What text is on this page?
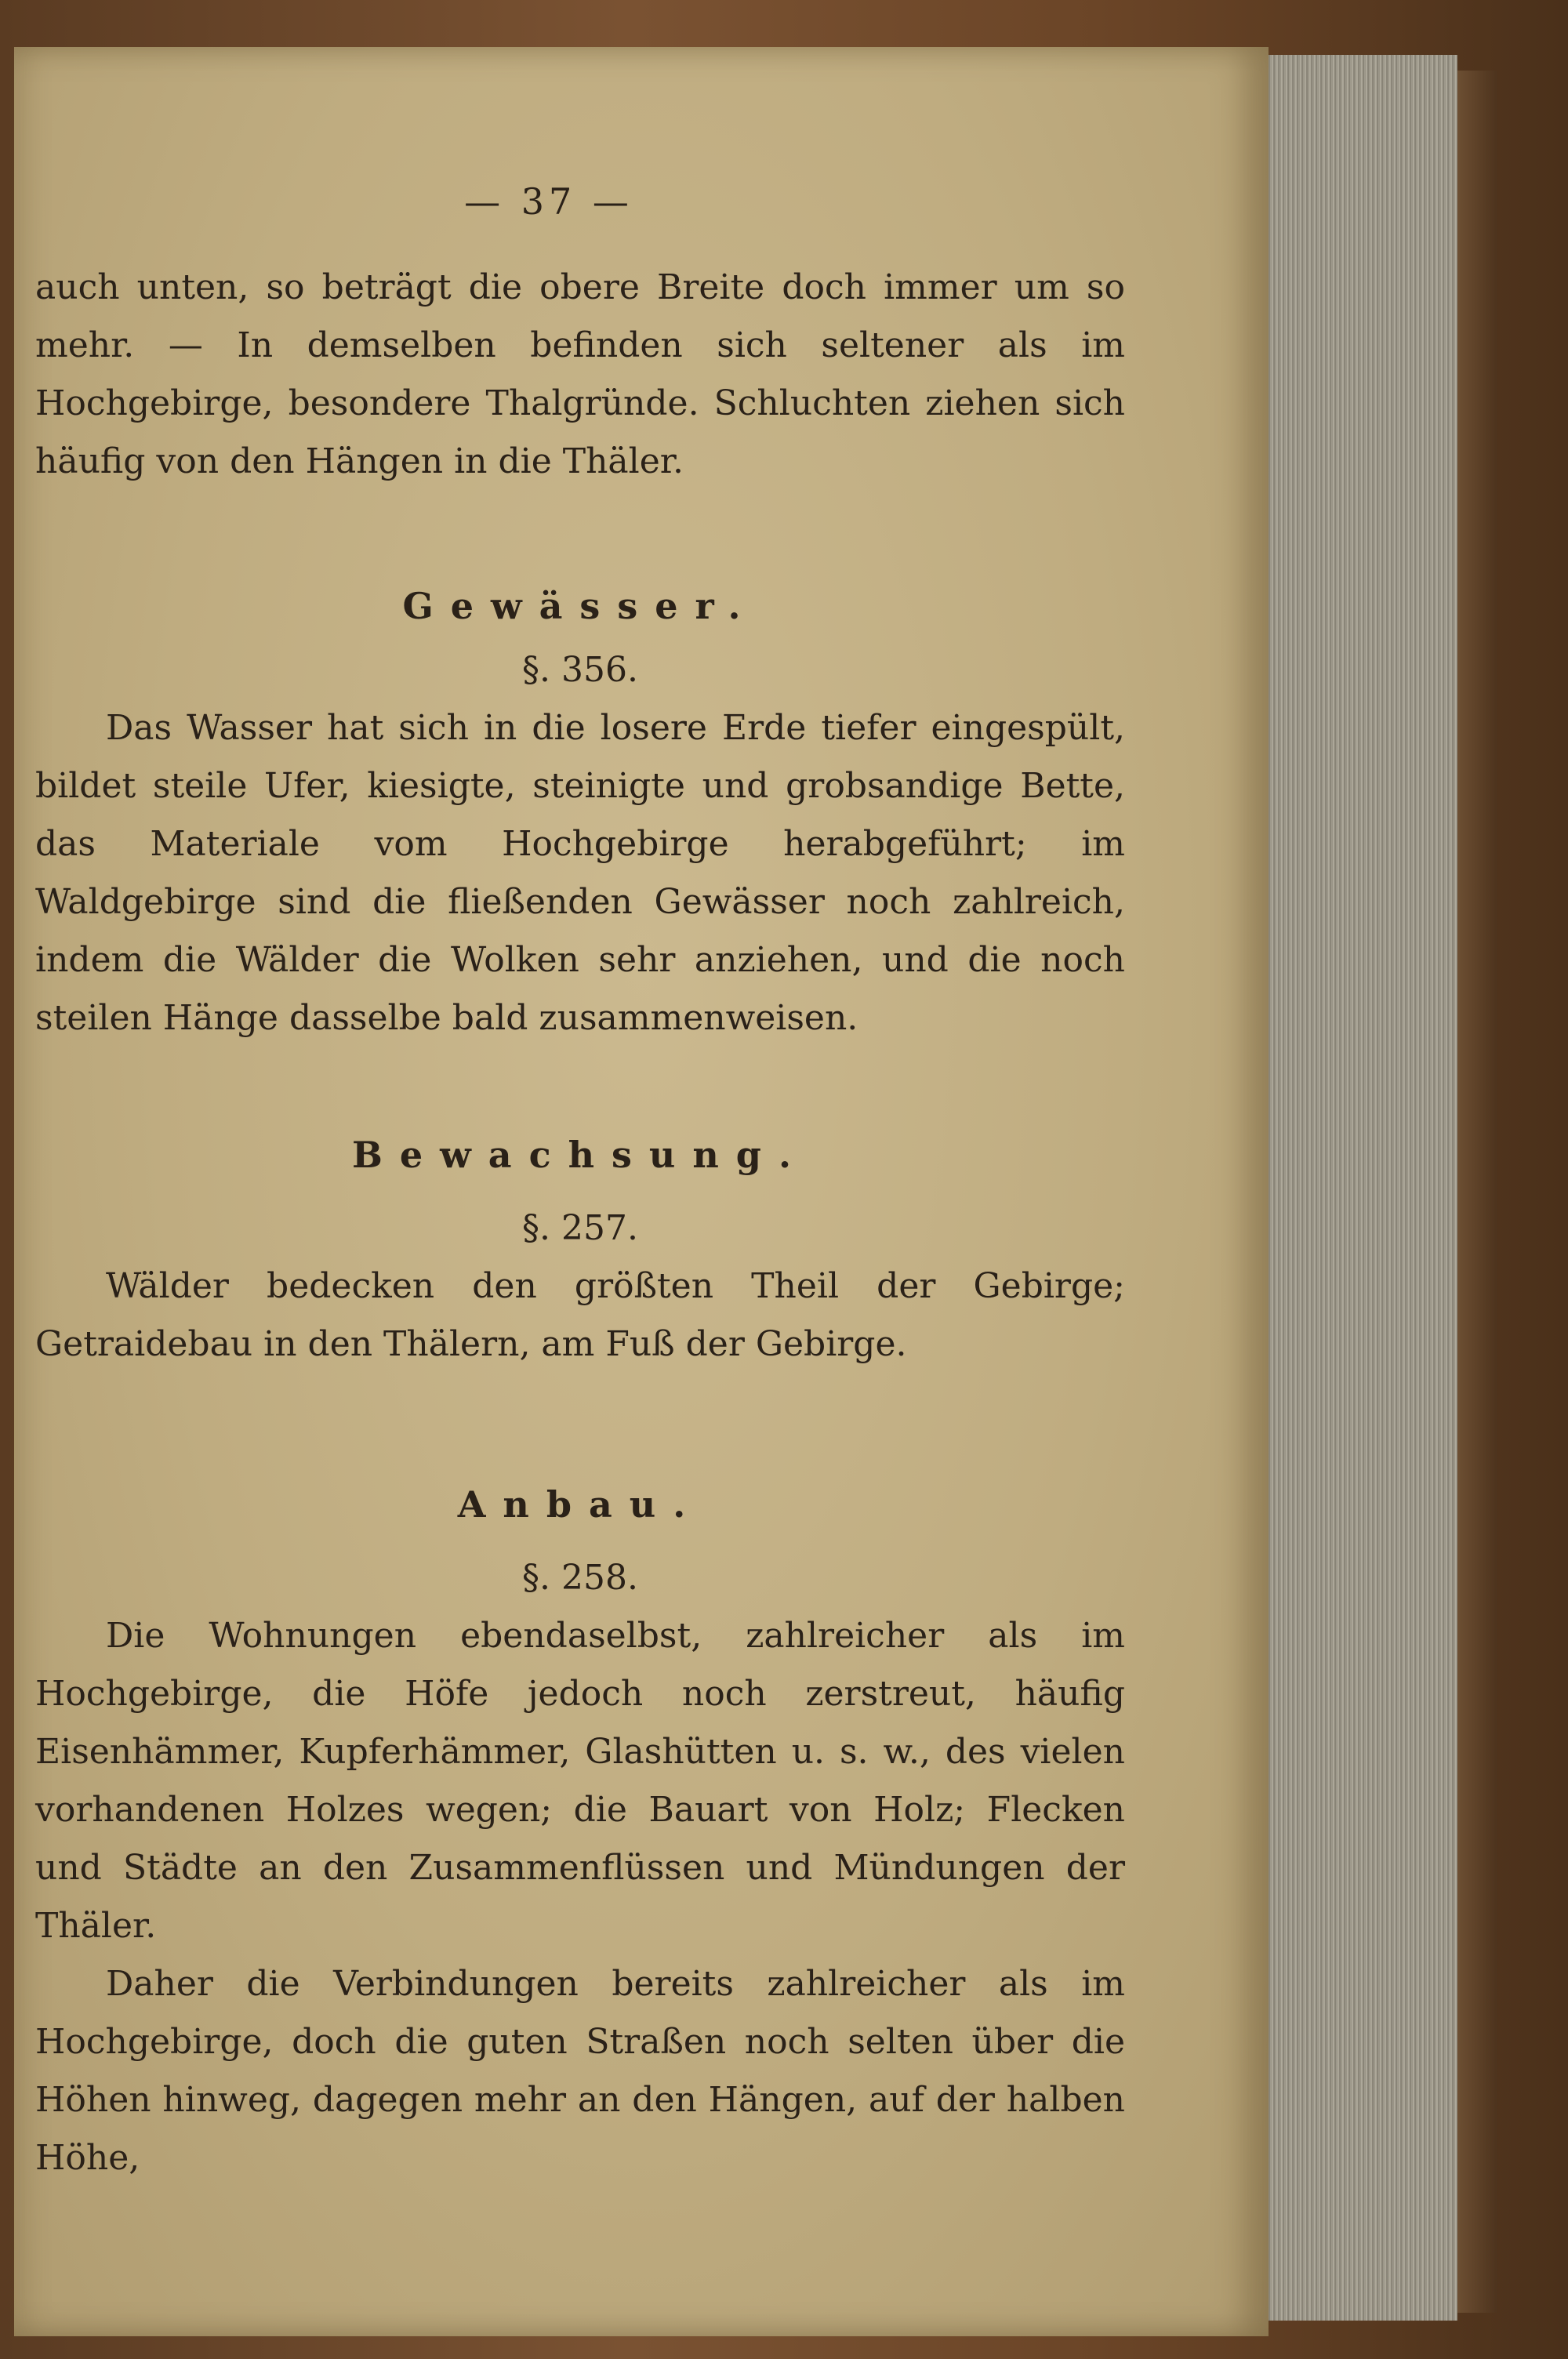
— 37 —

auch unten, so beträgt die obere Breite doch immer um so mehr. — In demselben befinden sich seltener als im Hochgebirge, besondere Thalgründe. Schluchten ziehen sich häufig von den Hängen in die Thäler.

Gewässer.

§. 356.

Das Wasser hat sich in die losere Erde tiefer eingespült, bildet steile Ufer, kiesigte, steinigte und grobsandige Bette, das Materiale vom Hochgebirge herabgeführt; im Waldgebirge sind die fließenden Gewässer noch zahlreich, indem die Wälder die Wolken sehr anziehen, und die noch steilen Hänge dasselbe bald zusammenweisen.

Bewachsung.

§. 257.

Wälder bedecken den größten Theil der Gebirge; Getraidebau in den Thälern, am Fuß der Gebirge.

Anbau.

§. 258.

Die Wohnungen ebendaselbst, zahlreicher als im Hochgebirge, die Höfe jedoch noch zerstreut, häufig Eisenhämmer, Kupferhämmer, Glashütten u. s. w., des vielen vorhandenen Holzes wegen; die Bauart von Holz; Flecken und Städte an den Zusammenflüssen und Mündungen der Thäler.

Daher die Verbindungen bereits zahlreicher als im Hochgebirge, doch die guten Straßen noch selten über die Höhen hinweg, dagegen mehr an den Hängen, auf der halben Höhe,
